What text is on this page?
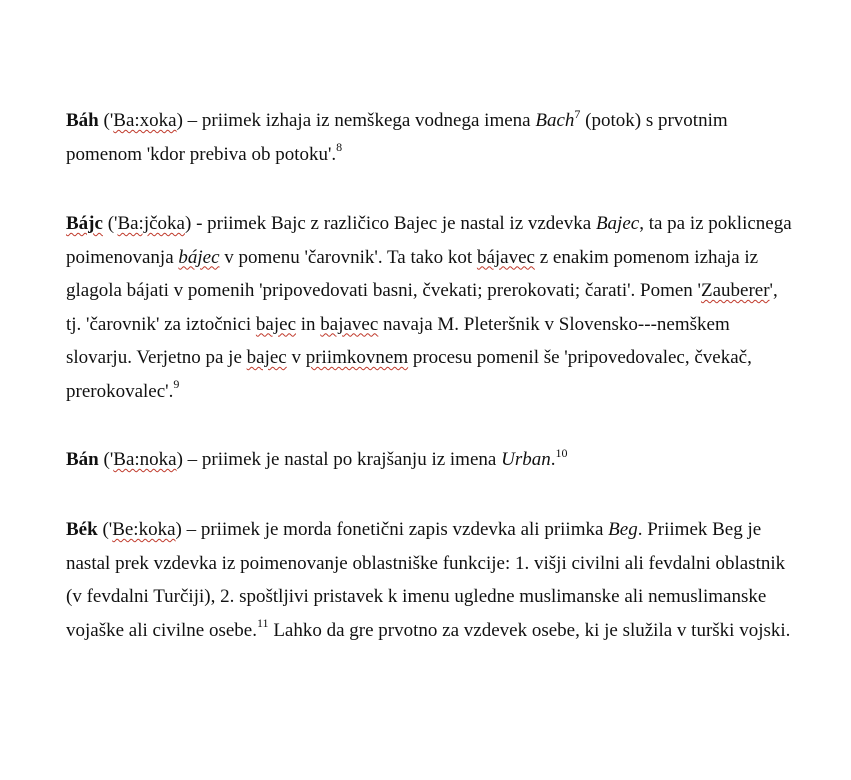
Báh ('Ba:xoka) – priimek izhaja iz nemškega vodnega imena Bach$^7$ (potok) s prvotnim pomenom 'kdor prebiva ob potoku'.$^8$

Bájc ('Ba:jčoka) - priimek Bajc z različico Bajec je nastal iz vzdevka Bajec, ta pa iz poklicnega poimenovanja bájec v pomenu 'čarovnik'. Ta tako kot bájavec z enakim pomenom izhaja iz glagola bájati v pomenih 'pripovedovati basni, čvekati; prerokovati; čarati'. Pomen 'Zauberer', tj. 'čarovnik' za iztočnici bajec in bajavec navaja M. Pleteršnik v Slovensko---nemškem slovarju. Verjetno pa je bajec v priimkovnem procesu pomenil še 'pripovedovalec, čvekač, prerokovalec'.$^9$

Bán ('Ba:noka) – priimek je nastal po krajšanju iz imena Urban.$^{10}$

Bék ('Be:koka) – priimek je morda fonetični zapis vzdevka ali priimka Beg. Priimek Beg je nastal prek vzdevka iz poimenovanje oblastniške funkcije: 1. višji civilni ali fevdalni oblastnik (v fevdalni Turčiji), 2. spoštljivi pristavek k imenu ugledne muslimanske ali nemuslimanske vojaške ali civilne osebe.$^{11}$ Lahko da gre prvotno za vzdevek osebe, ki je služila v turški vojski.
